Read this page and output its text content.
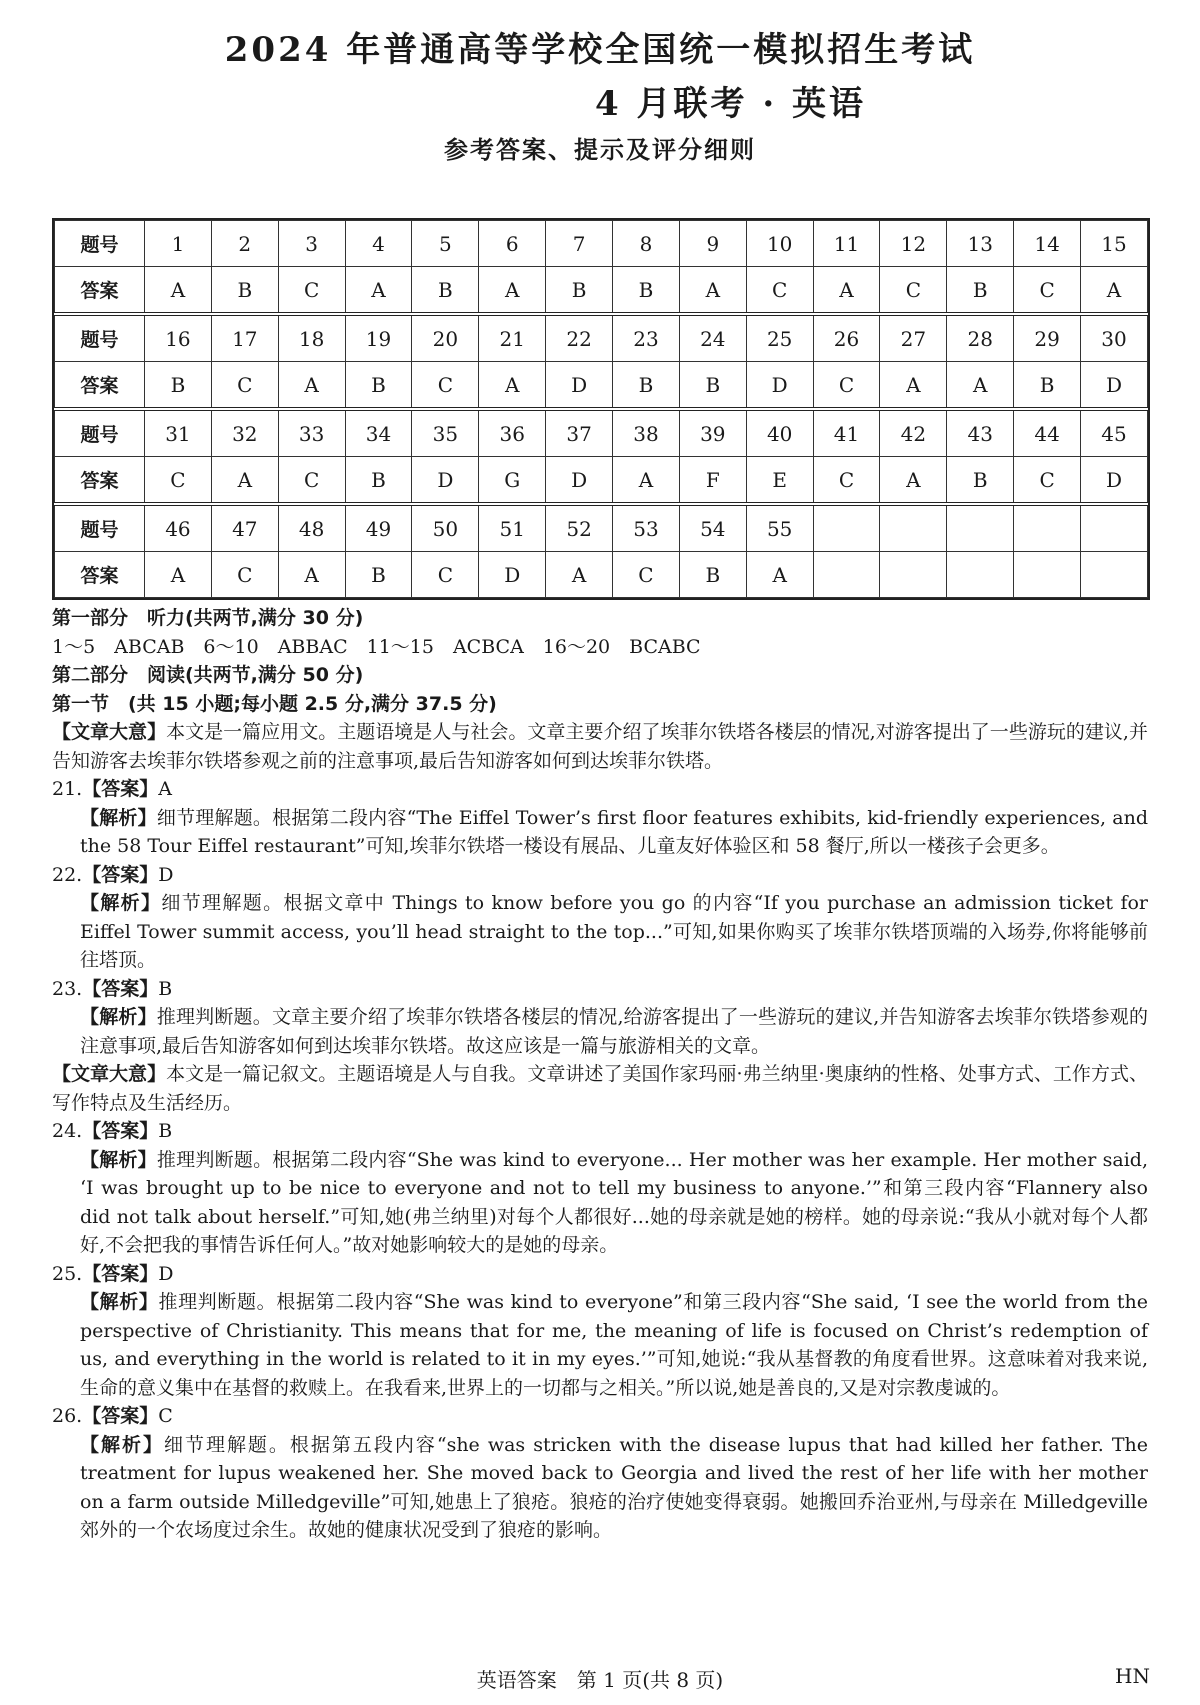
2024 年普通高等学校全国统一模拟招生考试
4 月联考 · 英语
参考答案、提示及评分细则
题号	1	2	3	4	5	6	7	8	9	10	11	12	13	14	15
答案	A	B	C	A	B	A	B	B	A	C	A	C	B	C	A
题号	16	17	18	19	20	21	22	23	24	25	26	27	28	29	30
答案	B	C	A	B	C	A	D	B	B	D	C	A	A	B	D
题号	31	32	33	34	35	36	37	38	39	40	41	42	43	44	45
答案	C	A	C	B	D	G	D	A	F	E	C	A	B	C	D
题号	46	47	48	49	50	51	52	53	54	55					
答案	A	C	A	B	C	D	A	C	B	A					

第一部分　听力(共两节,满分 30 分)

1～5　ABCAB　6～10　ABBAC　11～15　ACBCA　16～20　BCABC

第二部分　阅读(共两节,满分 50 分)

第一节　(共 15 小题;每小题 2.5 分,满分 37.5 分)

【文章大意】本文是一篇应用文。主题语境是人与社会。文章主要介绍了埃菲尔铁塔各楼层的情况,对游客提出了一些游玩的建议,并告知游客去埃菲尔铁塔参观之前的注意事项,最后告知游客如何到达埃菲尔铁塔。

21.【答案】A

【解析】细节理解题。根据第二段内容“The Eiffel Tower’s first floor features exhibits, kid-friendly experiences, and the 58 Tour Eiffel restaurant”可知,埃菲尔铁塔一楼设有展品、儿童友好体验区和 58 餐厅,所以一楼孩子会更多。

22.【答案】D

【解析】细节理解题。根据文章中 Things to know before you go 的内容“If you purchase an admission ticket for Eiffel Tower summit access, you’ll head straight to the top...”可知,如果你购买了埃菲尔铁塔顶端的入场券,你将能够前往塔顶。

23.【答案】B

【解析】推理判断题。文章主要介绍了埃菲尔铁塔各楼层的情况,给游客提出了一些游玩的建议,并告知游客去埃菲尔铁塔参观的注意事项,最后告知游客如何到达埃菲尔铁塔。故这应该是一篇与旅游相关的文章。

【文章大意】本文是一篇记叙文。主题语境是人与自我。文章讲述了美国作家玛丽·弗兰纳里·奥康纳的性格、处事方式、工作方式、写作特点及生活经历。

24.【答案】B

【解析】推理判断题。根据第二段内容“She was kind to everyone... Her mother was her example. Her mother said, ‘I was brought up to be nice to everyone and not to tell my business to anyone.’”和第三段内容“Flannery also did not talk about herself.”可知,她(弗兰纳里)对每个人都很好...她的母亲就是她的榜样。她的母亲说:“我从小就对每个人都好,不会把我的事情告诉任何人。”故对她影响较大的是她的母亲。

25.【答案】D

【解析】推理判断题。根据第二段内容“She was kind to everyone”和第三段内容“She said, ‘I see the world from the perspective of Christianity. This means that for me, the meaning of life is focused on Christ’s redemption of us, and everything in the world is related to it in my eyes.’”可知,她说:“我从基督教的角度看世界。这意味着对我来说,生命的意义集中在基督的救赎上。在我看来,世界上的一切都与之相关。”所以说,她是善良的,又是对宗教虔诚的。

26.【答案】C

【解析】细节理解题。根据第五段内容“she was stricken with the disease lupus that had killed her father. The treatment for lupus weakened her. She moved back to Georgia and lived the rest of her life with her mother on a farm outside Milledgeville”可知,她患上了狼疮。狼疮的治疗使她变得衰弱。她搬回乔治亚州,与母亲在 Milledgeville 郊外的一个农场度过余生。故她的健康状况受到了狼疮的影响。

英语答案　第 1 页(共 8 页)	HN
